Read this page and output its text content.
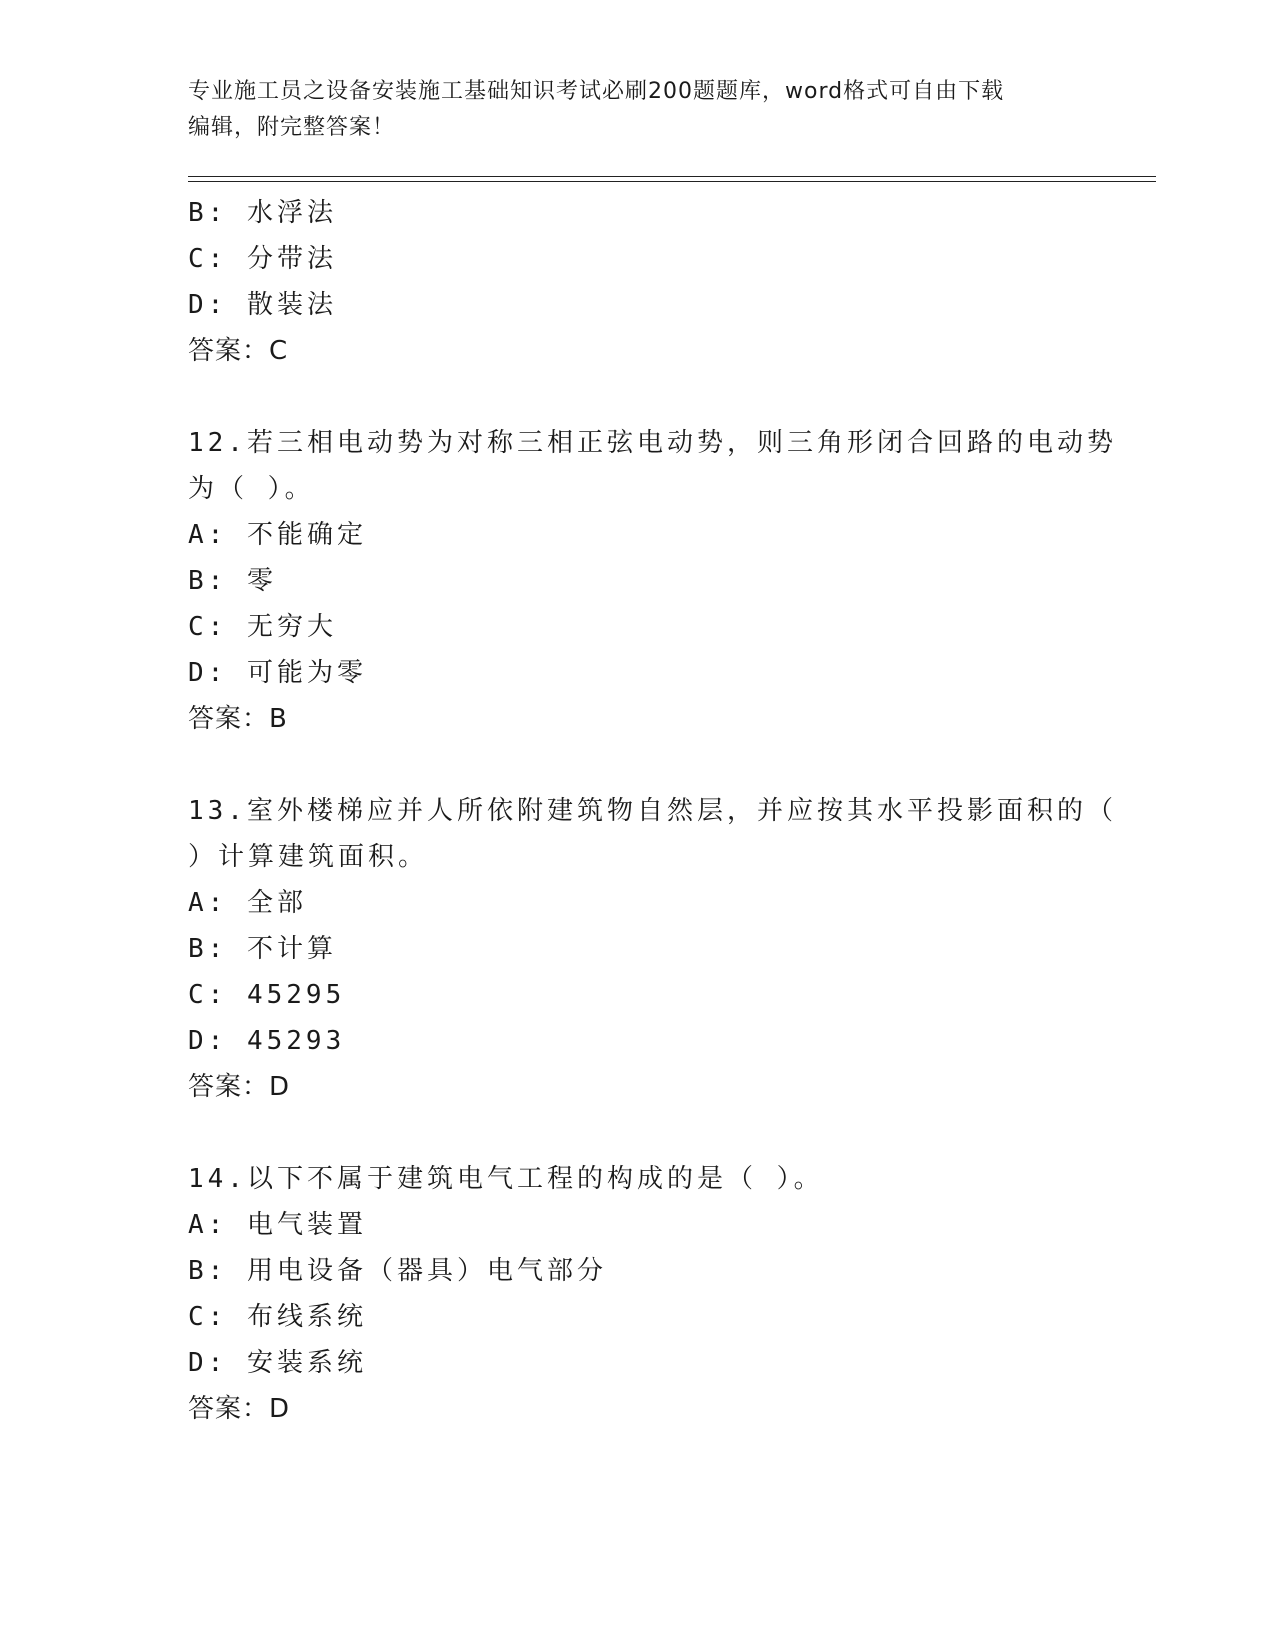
专业施工员之设备安装施工基础知识考试必刷200题题库，word格式可自由下载
编辑，附完整答案！
B: 水浮法
C: 分带法
D: 散装法
答案：C
12.若三相电动势为对称三相正弦电动势，则三角形闭合回路的电动势
为（ ）。
A: 不能确定
B: 零
C: 无穷大
D: 可能为零
答案：B
13.室外楼梯应并人所依附建筑物自然层，并应按其水平投影面积的（
）计算建筑面积。
A: 全部
B: 不计算
C: 45295
D: 45293
答案：D
14.以下不属于建筑电气工程的构成的是（ ）。
A: 电气装置
B: 用电设备（器具）电气部分
C: 布线系统
D: 安装系统
答案：D
